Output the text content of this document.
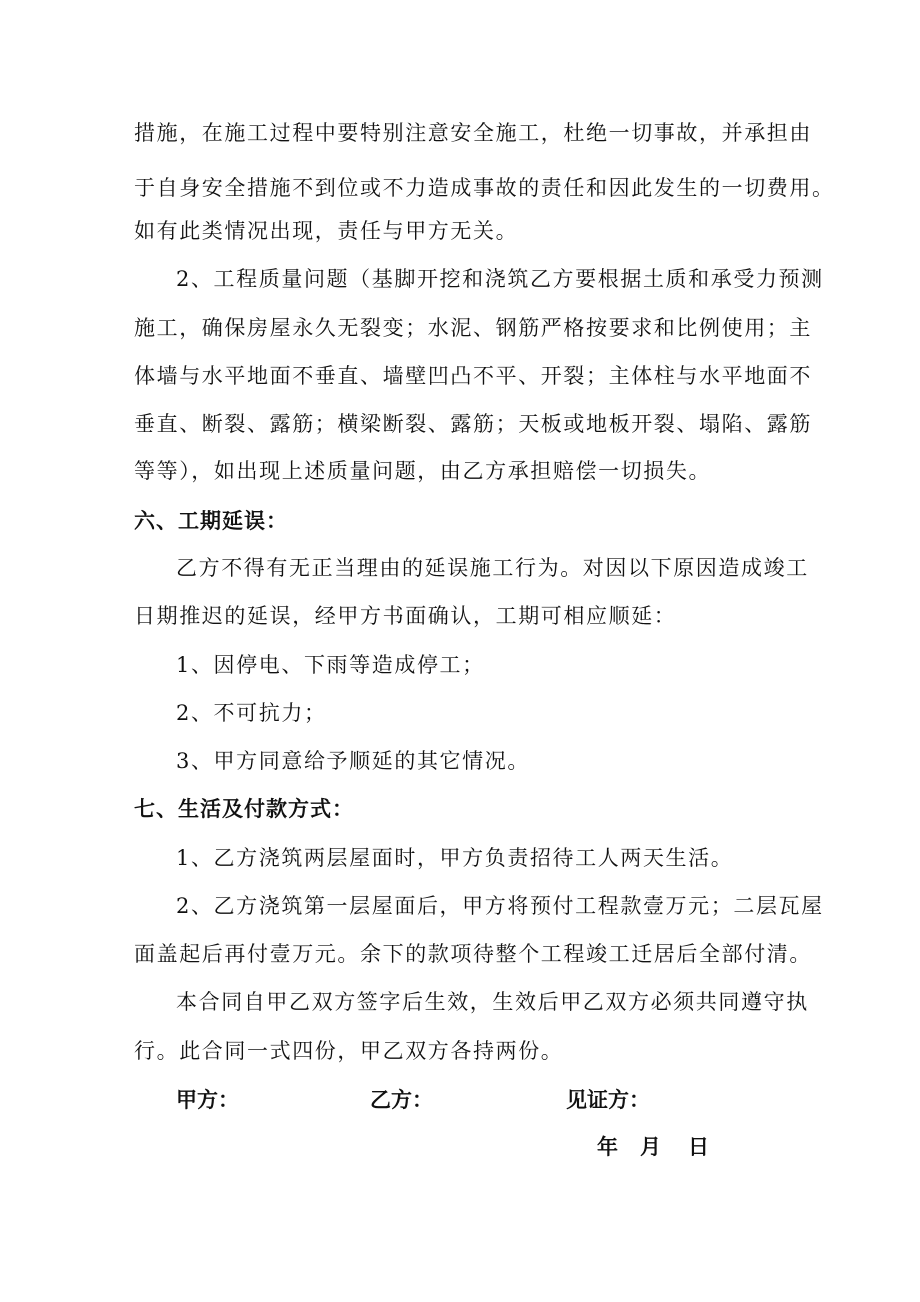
措施，在施工过程中要特别注意安全施工，杜绝一切事故，并承担由
于自身安全措施不到位或不力造成事故的责任和因此发生的一切费用。
如有此类情况出现，责任与甲方无关。
2、工程质量问题（基脚开挖和浇筑乙方要根据土质和承受力预测
施工，确保房屋永久无裂变；水泥、钢筋严格按要求和比例使用；主
体墙与水平地面不垂直、墙壁凹凸不平、开裂；主体柱与水平地面不
垂直、断裂、露筋；横梁断裂、露筋；天板或地板开裂、塌陷、露筋
等等），如出现上述质量问题，由乙方承担赔偿一切损失。
六、工期延误：
乙方不得有无正当理由的延误施工行为。对因以下原因造成竣工
日期推迟的延误，经甲方书面确认，工期可相应顺延：
1、因停电、下雨等造成停工；
2、不可抗力；
3、甲方同意给予顺延的其它情况。
七、生活及付款方式：
1、乙方浇筑两层屋面时，甲方负责招待工人两天生活。
2、乙方浇筑第一层屋面后，甲方将预付工程款壹万元；二层瓦屋
面盖起后再付壹万元。余下的款项待整个工程竣工迁居后全部付清。
本合同自甲乙双方签字后生效，生效后甲乙双方必须共同遵守执
行。此合同一式四份，甲乙双方各持两份。
甲方：	乙方：	见证方：
年 月 日
